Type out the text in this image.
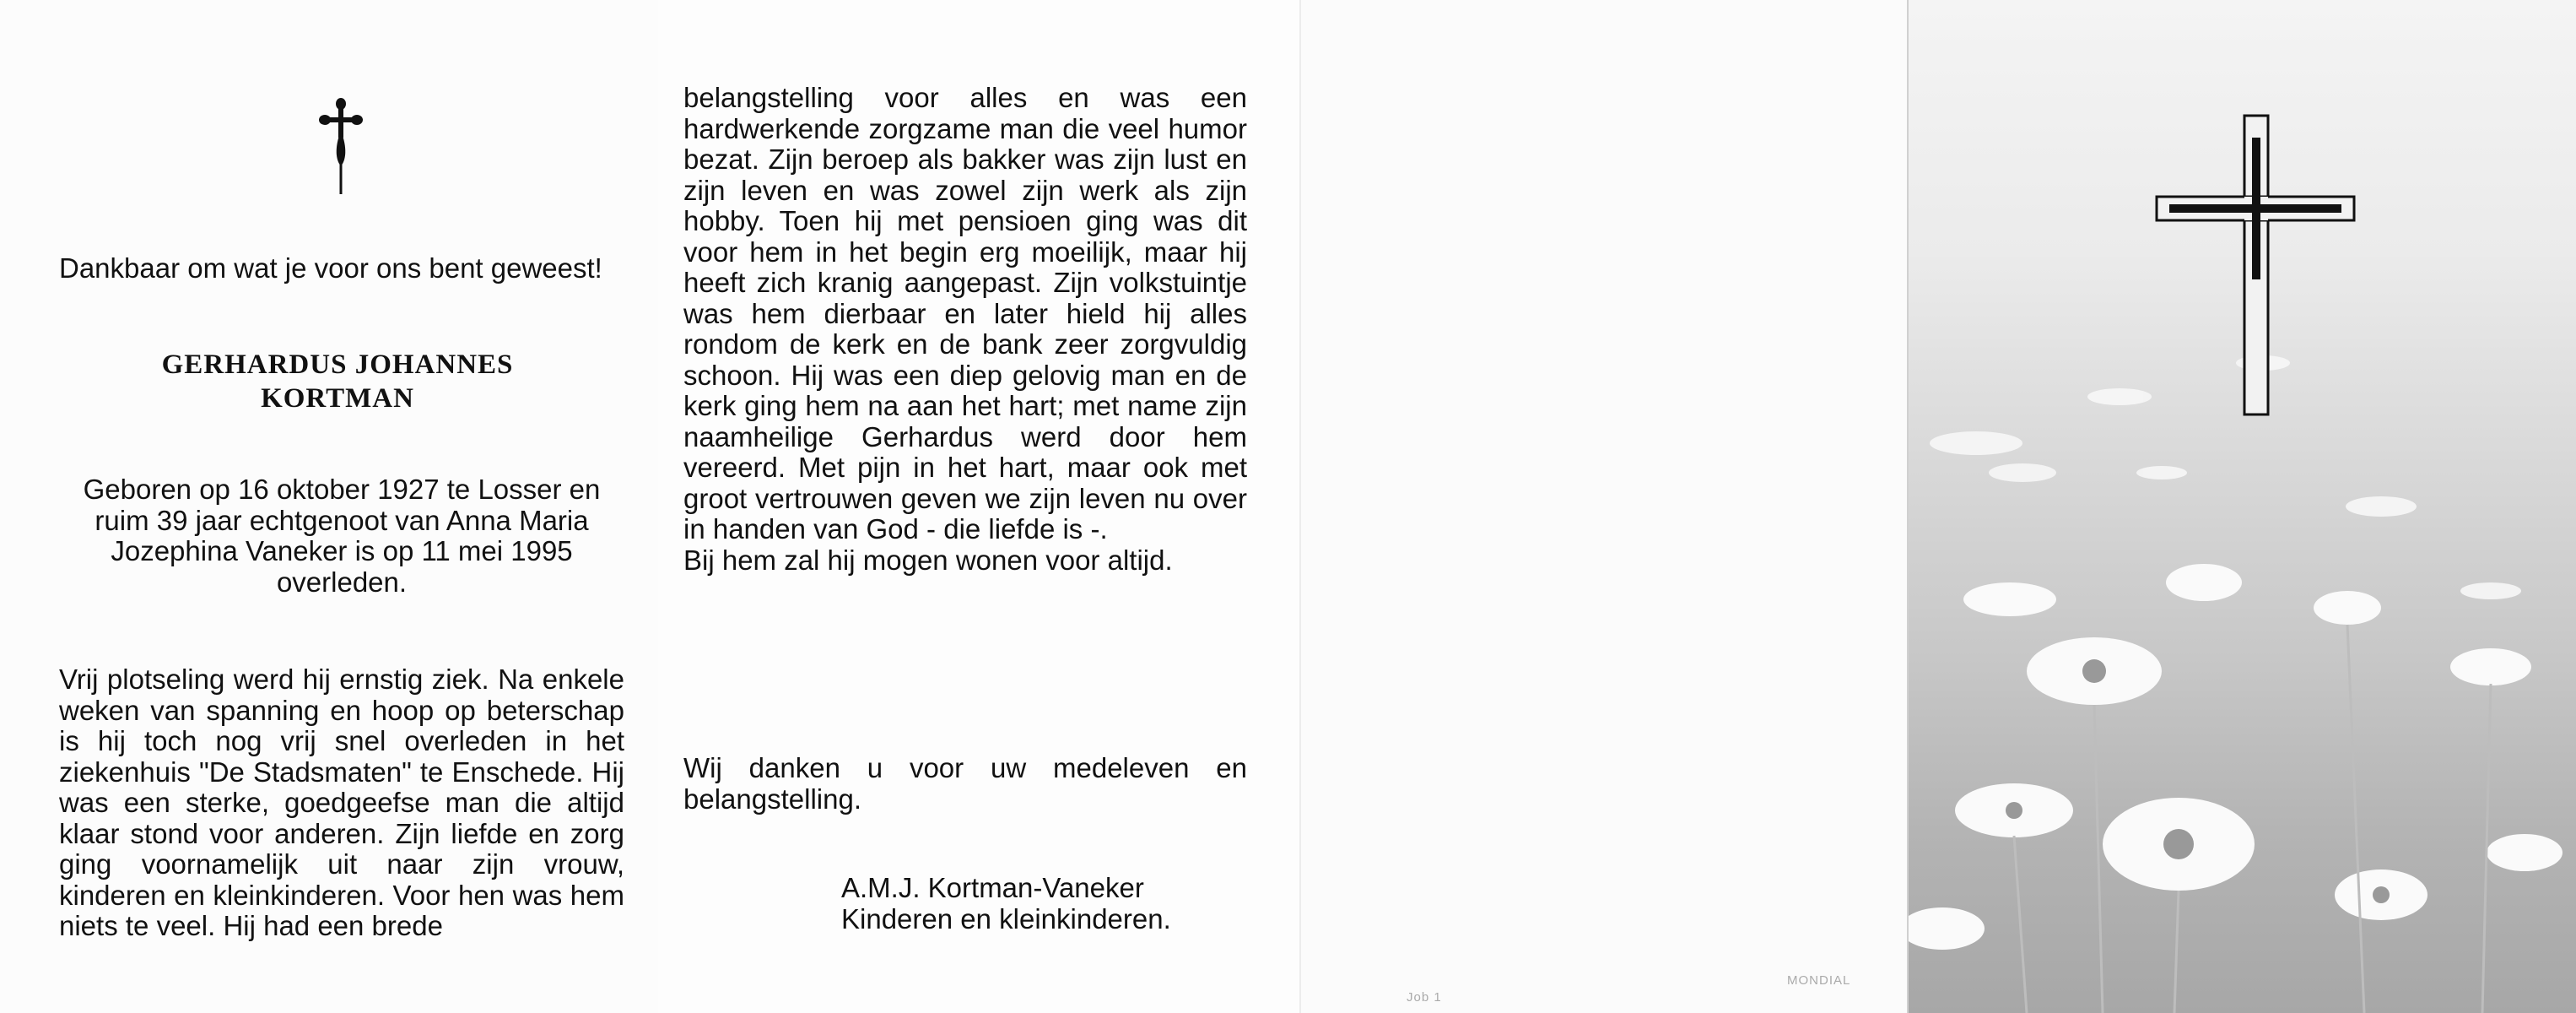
Dankbaar om wat je voor ons bent geweest!
GERHARDUS JOHANNES
KORTMAN
Geboren op 16 oktober 1927 te Losser en ruim 39 jaar echtgenoot van Anna Maria Jozephina Vaneker is op 11 mei 1995 overleden.
Vrij plotseling werd hij ernstig ziek. Na enkele weken van spanning en hoop op beterschap is hij toch nog vrij snel overleden in het ziekenhuis "De Stadsmaten" te Enschede. Hij was een sterke, goedgeefse man die altijd klaar stond voor anderen. Zijn liefde en zorg ging voornamelijk uit naar zijn vrouw, kinderen en kleinkinderen. Voor hen was hem niets te veel. Hij had een brede
belangstelling voor alles en was een hardwerkende zorgzame man die veel humor bezat. Zijn beroep als bakker was zijn lust en zijn leven en was zowel zijn werk als zijn hobby. Toen hij met pensioen ging was dit voor hem in het begin erg moeilijk, maar hij heeft zich kranig aangepast. Zijn volkstuintje was hem dierbaar en later hield hij alles rondom de kerk en de bank zeer zorgvuldig schoon. Hij was een diep gelovig man en de kerk ging hem na aan het hart; met name zijn naamheilige Gerhardus werd door hem vereerd. Met pijn in het hart, maar ook met groot vertrouwen geven we zijn leven nu over in handen van God - die liefde is -.
Bij hem zal hij mogen wonen voor altijd.
Wij danken u voor uw medeleven en belangstelling.
A.M.J. Kortman-Vaneker
Kinderen en kleinkinderen.
Job 1
MONDIAL
